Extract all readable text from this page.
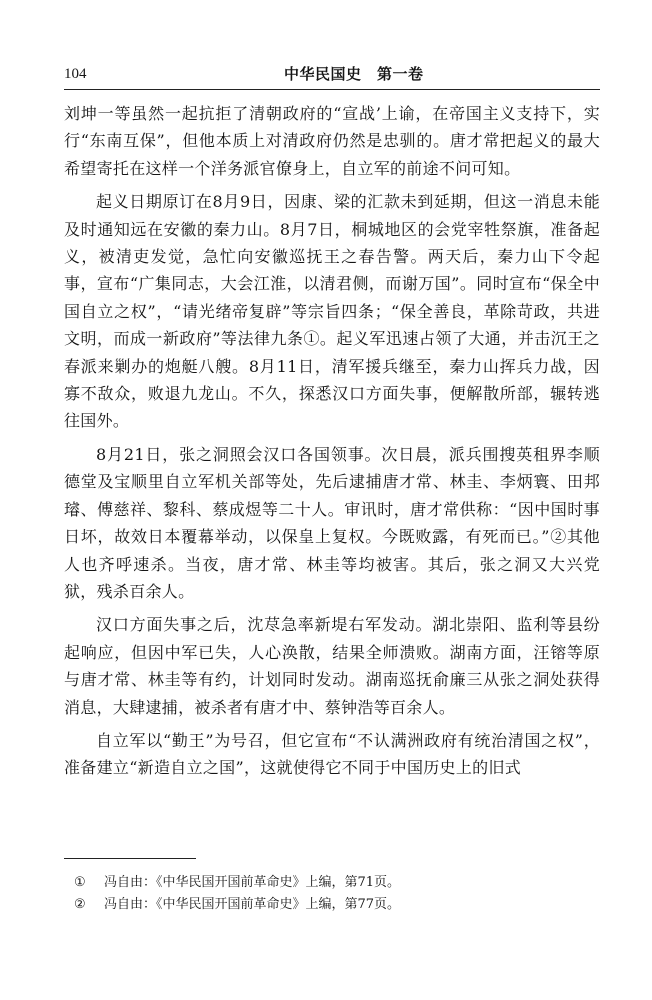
104	中华民国史　第一卷

刘坤一等虽然一起抗拒了清朝政府的“宣战’上谕，在帝国主义支持下，实行“东南互保”，但他本质上对清政府仍然是忠驯的。唐才常把起义的最大希望寄托在这样一个洋务派官僚身上，自立军的前途不问可知。

起义日期原订在8月9日，因康、梁的汇款未到延期，但这一消息未能及时通知远在安徽的秦力山。8月7日，桐城地区的会党宰牲祭旗，准备起义，被清吏发觉，急忙向安徽巡抚王之春告警。两天后，秦力山下令起事，宣布“广集同志，大会江淮，以清君侧，而谢万国”。同时宣布“保全中国自立之权”，“请光绪帝复辟”等宗旨四条；“保全善良，革除苛政，共进文明，而成一新政府”等法律九条①。起义军迅速占领了大通，并击沉王之春派来剿办的炮艇八艘。8月11日，清军援兵继至，秦力山挥兵力战，因寡不敌众，败退九龙山。不久，探悉汉口方面失事，便解散所部，辗转逃往国外。

8月21日，张之洞照会汉口各国领事。次日晨，派兵围搜英租界李顺德堂及宝顺里自立军机关部等处，先后逮捕唐才常、林圭、李炳寰、田邦璿、傅慈祥、黎科、蔡成煜等二十人。审讯时，唐才常供称：“因中国时事日坏，故效日本覆幕举动，以保皇上复权。今既败露，有死而已。”②其他人也齐呼速杀。当夜，唐才常、林圭等均被害。其后，张之洞又大兴党狱，残杀百余人。

汉口方面失事之后，沈荩急率新堤右军发动。湖北崇阳、监利等县纷起响应，但因中军已失，人心涣散，结果全师溃败。湖南方面，汪镕等原与唐才常、林圭等有约，计划同时发动。湖南巡抚俞廉三从张之洞处获得消息，大肆逮捕，被杀者有唐才中、蔡钟浩等百余人。

自立军以“勤王”为号召，但它宣布“不认满洲政府有统治清国之权”，准备建立“新造自立之国”，这就使得它不同于中国历史上的旧式

① 冯自由：《中华民国开国前革命史》上编，第71页。
② 冯自由：《中华民国开国前革命史》上编，第77页。
